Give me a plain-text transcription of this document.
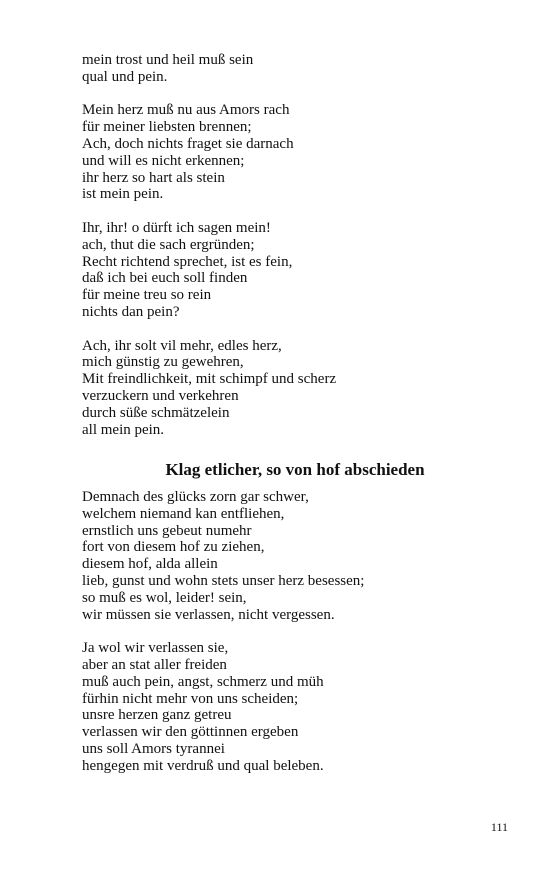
mein trost und heil muß sein
qual und pein.
Mein herz muß nu aus Amors rach
für meiner liebsten brennen;
Ach, doch nichts fraget sie darnach
und will es nicht erkennen;
ihr herz so hart als stein
ist mein pein.
Ihr, ihr! o dürft ich sagen mein!
ach, thut die sach ergründen;
Recht richtend sprechet, ist es fein,
daß ich bei euch soll finden
für meine treu so rein
nichts dan pein?
Ach, ihr solt vil mehr, edles herz,
mich günstig zu gewehren,
Mit freindlichkeit, mit schimpf und scherz
verzuckern und verkehren
durch süße schmätzelein
all mein pein.
Klag etlicher, so von hof abschieden
Demnach des glücks zorn gar schwer,
welchem niemand kan entfliehen,
ernstlich uns gebeut numehr
fort von diesem hof zu ziehen,
diesem hof, alda allein
lieb, gunst und wohn stets unser herz besessen;
so muß es wol, leider! sein,
wir müssen sie verlassen, nicht vergessen.
Ja wol wir verlassen sie,
aber an stat aller freiden
muß auch pein, angst, schmerz und müh
fürhin nicht mehr von uns scheiden;
unsre herzen ganz getreu
verlassen wir den göttinnen ergeben
uns soll Amors tyrannei
hengegen mit verdruß und qual beleben.
111
